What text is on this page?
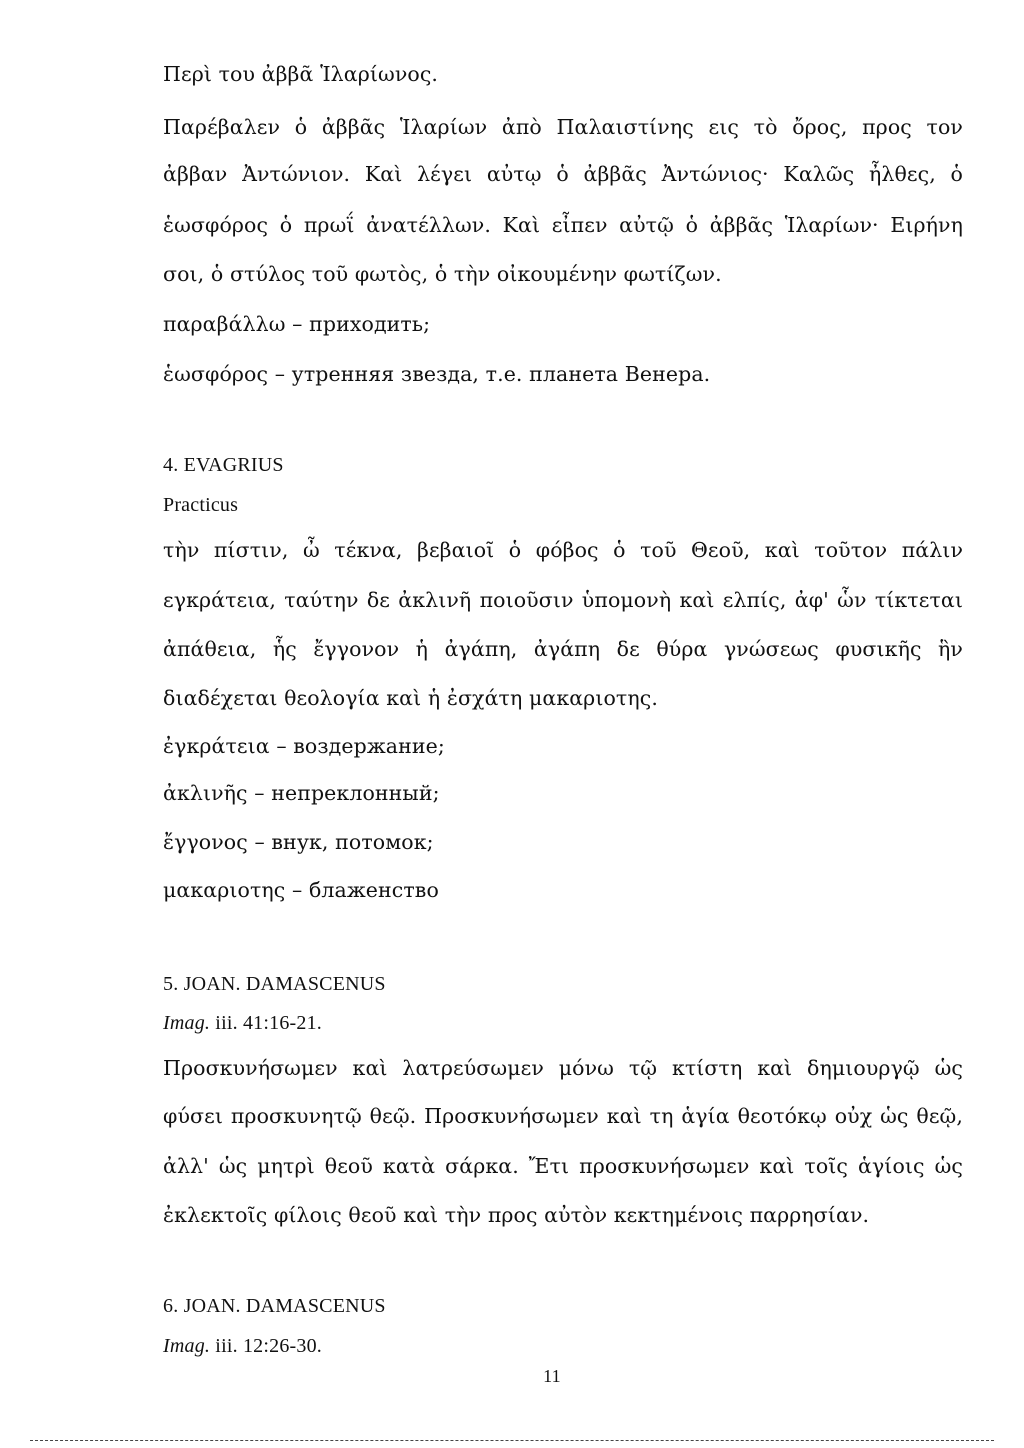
Περὶ του ἀββᾶ Ἱλαρίωνος.

Παρέβαλεν ὁ ἀββᾶς Ἱλαρίων ἀπὸ Παλαιστίνης εις τὸ ὄρος, προς τον

ἀββαν Ἀντώνιον. Καὶ λέγει αὐτῳ ὁ ἀββᾶς Ἀντώνιος· Καλῶς ἦλθες, ὁ

ἑωσφόρος ὁ πρωΐ ἀνατέλλων. Καὶ εἶπεν αὐτῷ ὁ ἀββᾶς Ἱλαρίων· Ειρήνη

σοι, ὁ στύλος τοῦ φωτὸς, ὁ τὴν οἰκουμένην φωτίζων.

παραβάλλω – приходить;

ἑωσφόρος – утренняя звезда, т.е. планета Венера.

4. EVAGRIUS

Practicus

τὴν πίστιν, ὦ τέκνα, βεβαιοῖ ὁ φόβος ὁ τοῦ Θεοῦ, καὶ τοῦτον πάλιν

εγκράτεια, ταύτην δε ἀκλινῆ ποιοῦσιν ὑπομονὴ καὶ ελπίς, ἀφ' ὧν τίκτεται

ἀπάθεια, ἧς ἔγγονον ἡ ἀγάπη, ἀγάπη δε θύρα γνώσεως φυσικῆς ἣν

διαδέχεται θεολογία καὶ ἡ ἐσχάτη μακαριοτης.

ἐγκράτεια – воздержание;

ἀκλινῆς – непреклонный;

ἔγγονος – внук, потомок;

μακαριοτης – блаженство

5. JOAN. DAMASCENUS

Imag. iii. 41:16-21.

Προσκυνήσωμεν καὶ λατρεύσωμεν μόνω τῷ κτίστη καὶ δημιουργῷ ὡς

φύσει προσκυνητῷ θεῷ. Προσκυνήσωμεν καὶ τη ἁγία θεοτόκῳ οὐχ ὡς θεῷ,

ἀλλ' ὡς μητρὶ θεοῦ κατὰ σάρκα. Ἔτι προσκυνήσωμεν καὶ τοῖς ἁγίοις ὡς

ἐκλεκτοῖς φίλοις θεοῦ καὶ τὴν προς αὐτὸν κεκτημένοις παρρησίαν.

6. JOAN. DAMASCENUS

Imag. iii. 12:26-30.

11
